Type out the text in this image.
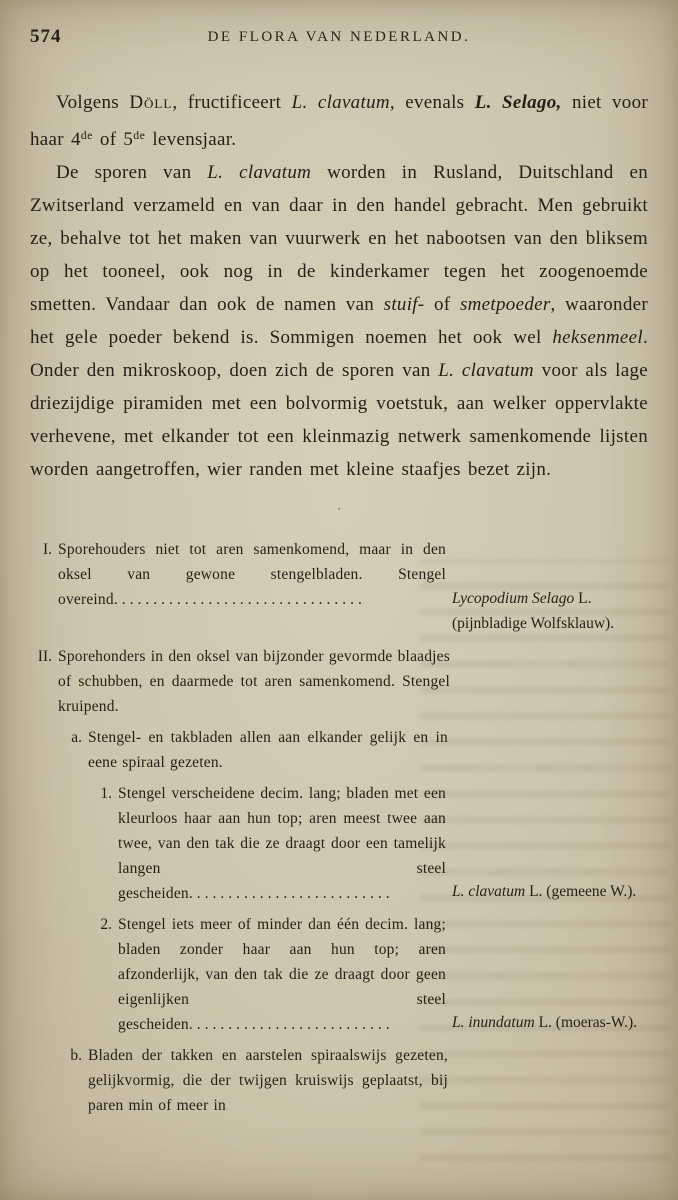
574	DE FLORA VAN NEDERLAND.

Volgens Döll, fructificeert L. clavatum, evenals L. Selago, niet voor haar 4de of 5de levensjaar.

De sporen van L. clavatum worden in Rusland, Duitschland en Zwitserland verzameld en van daar in den handel gebracht. Men gebruikt ze, behalve tot het maken van vuurwerk en het nabootsen van den bliksem op het tooneel, ook nog in de kinderkamer tegen het zoogenoemde smetten. Vandaar dan ook de namen van stuif- of smetpoeder, waaronder het gele poeder bekend is. Sommigen noemen het ook wel heksenmeel. Onder den mikroskoop, doen zich de sporen van L. clavatum voor als lage driezijdige piramiden met een bolvormig voetstuk, aan welker oppervlakte verhevene, met elkander tot een kleinmazig netwerk samenkomende lijsten worden aangetroffen, wier randen met kleine staafjes bezet zijn.

·
I. Sporehouders niet tot aren samenkomend, maar in den oksel van gewone stengelbladen. Stengel overeind................................	Lycopodium Selago L. (pijnbladige Wolfsklauw).
II. Sporehonders in den oksel van bijzonder gevormde blaadjes of schubben, en daarmede tot aren samenkomend. Stengel kruipend.
a. Stengel- en takbladen allen aan elkander gelijk en in eene spiraal gezeten.
1. Stengel verscheidene decim. lang; bladen met een kleurloos haar aan hun top; aren meest twee aan twee, van den tak die ze draagt door een tamelijk langen steel gescheiden..........................	L. clavatum L. (gemeene W.).
2. Stengel iets meer of minder dan één decim. lang; bladen zonder haar aan hun top; aren afzonderlijk, van den tak die ze draagt door geen eigenlijken steel gescheiden..........................	L. inundatum L. (moeras-W.).
b. Bladen der takken en aarstelen spiraalswijs gezeten, gelijkvormig, die der twijgen kruiswijs geplaatst, bij paren min of meer in
